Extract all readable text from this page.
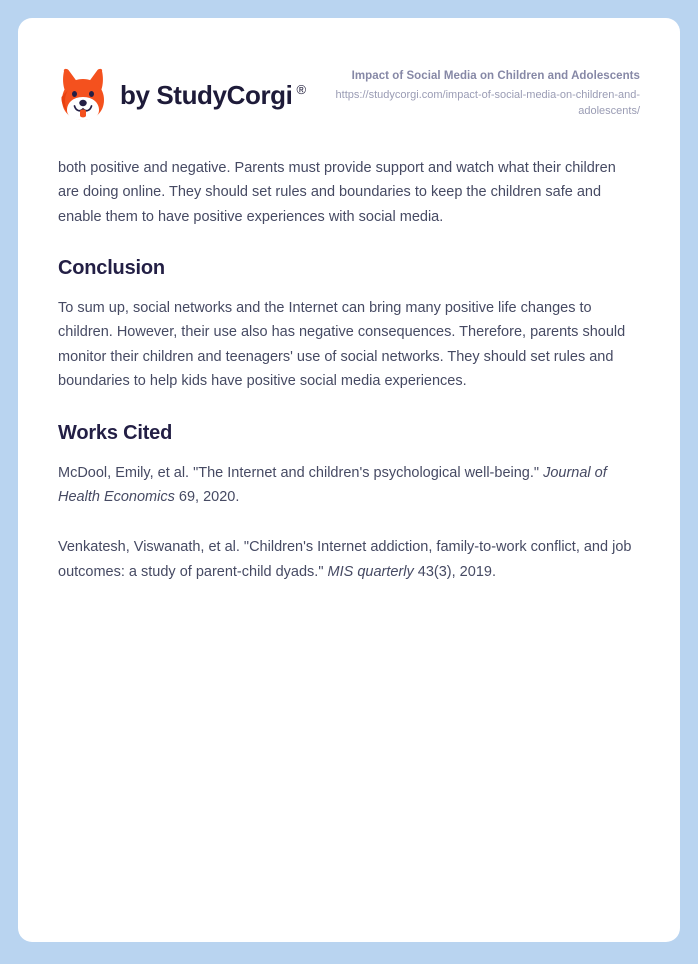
by StudyCorgi ®
Impact of Social Media on Children and Adolescents
https://studycorgi.com/impact-of-social-media-on-children-and-adolescents/

both positive and negative. Parents must provide support and watch what their children are doing online. They should set rules and boundaries to keep the children safe and enable them to have positive experiences with social media.

Conclusion

To sum up, social networks and the Internet can bring many positive life changes to children. However, their use also has negative consequences. Therefore, parents should monitor their children and teenagers' use of social networks. They should set rules and boundaries to help kids have positive social media experiences.

Works Cited

McDool, Emily, et al. "The Internet and children's psychological well-being." Journal of Health Economics 69, 2020.

Venkatesh, Viswanath, et al. "Children's Internet addiction, family-to-work conflict, and job outcomes: a study of parent-child dyads." MIS quarterly 43(3), 2019.
